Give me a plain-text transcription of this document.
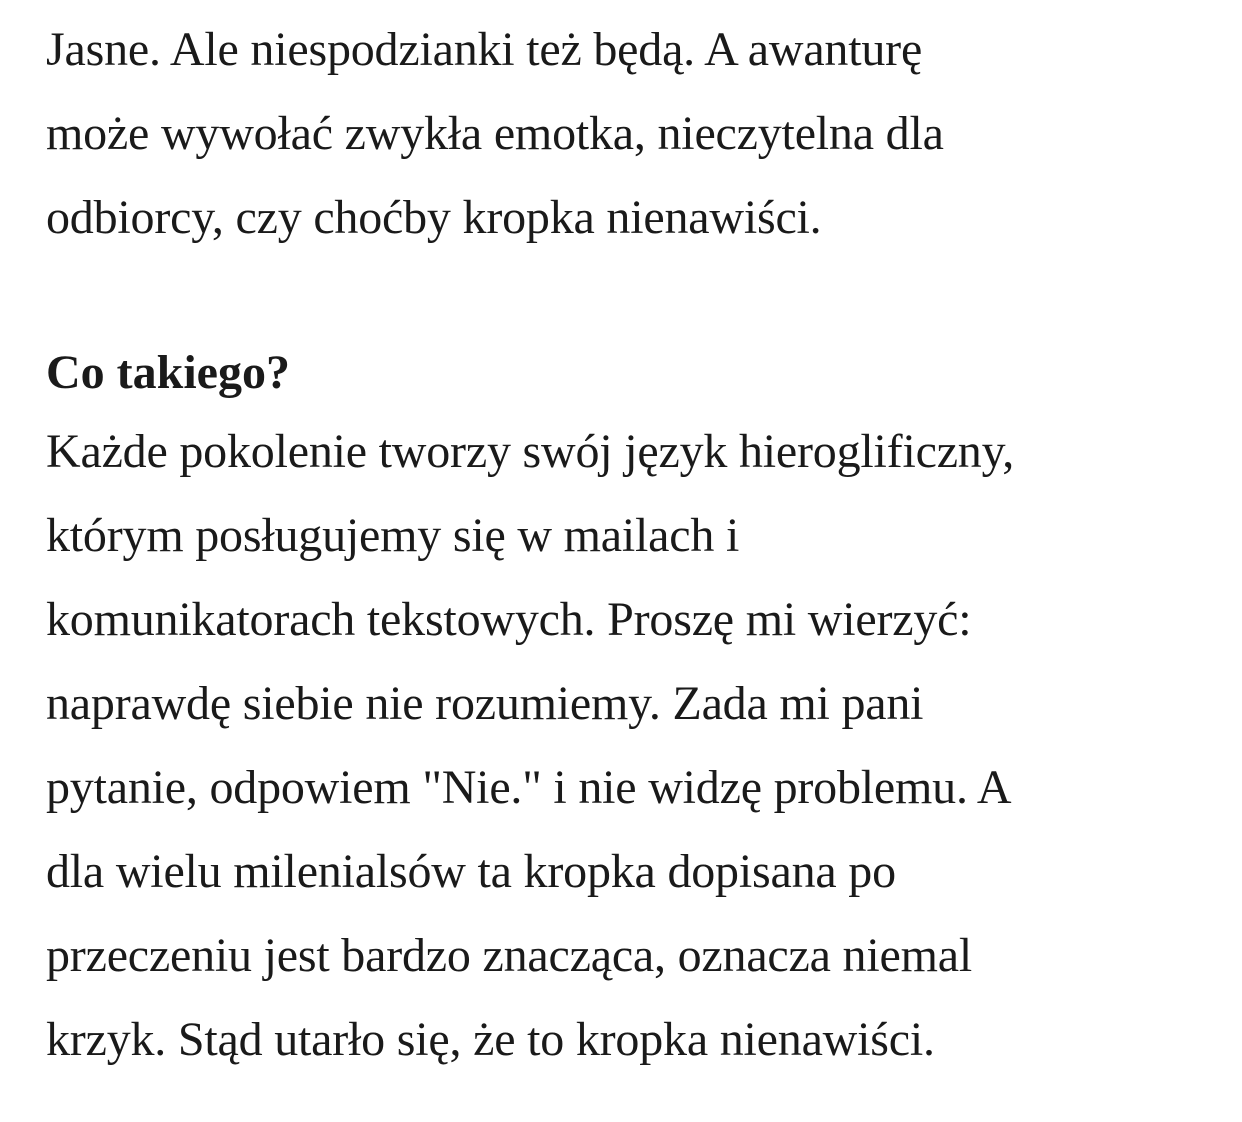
Jasne. Ale niespodzianki też będą. A awanturę
może wywołać zwykła emotka, nieczytelna dla
odbiorcy, czy choćby kropka nienawiści.

Co takiego?

Każde pokolenie tworzy swój język hieroglificzny,
którym posługujemy się w mailach i
komunikatorach tekstowych. Proszę mi wierzyć:
naprawdę siebie nie rozumiemy. Zada mi pani
pytanie, odpowiem "Nie." i nie widzę problemu. A
dla wielu milenialsów ta kropka dopisana po
przeczeniu jest bardzo znacząca, oznacza niemal
krzyk. Stąd utarło się, że to kropka nienawiści.
